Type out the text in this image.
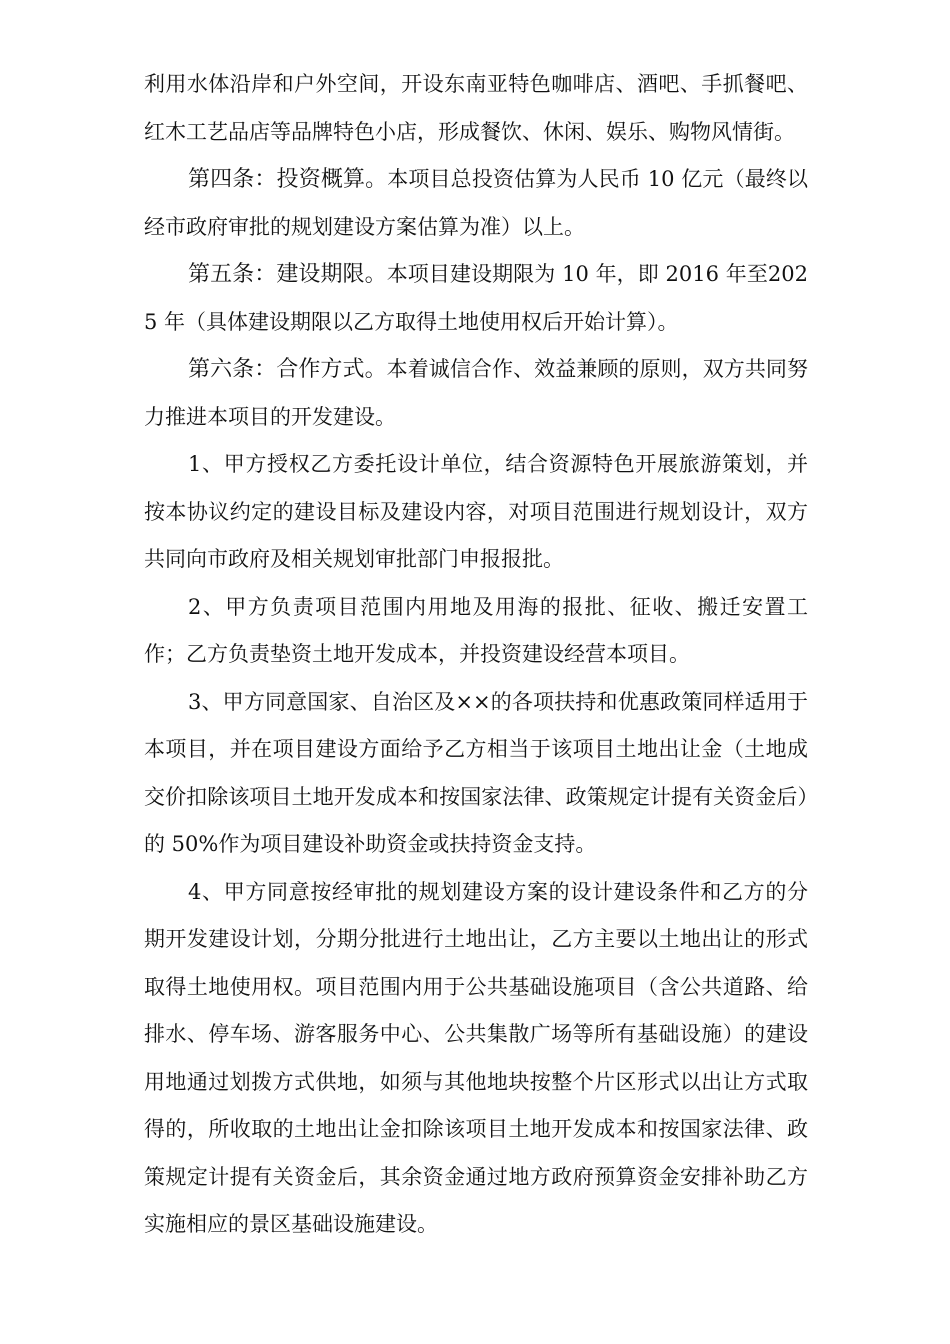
利用水体沿岸和户外空间，开设东南亚特色咖啡店、酒吧、手抓餐吧、红木工艺品店等品牌特色小店，形成餐饮、休闲、娱乐、购物风情街。

第四条：投资概算。本项目总投资估算为人民币 10 亿元（最终以经市政府审批的规划建设方案估算为准）以上。

第五条：建设期限。本项目建设期限为 10 年，即 2016 年至2025 年（具体建设期限以乙方取得土地使用权后开始计算）。

第六条：合作方式。本着诚信合作、效益兼顾的原则，双方共同努力推进本项目的开发建设。

1、甲方授权乙方委托设计单位，结合资源特色开展旅游策划，并按本协议约定的建设目标及建设内容，对项目范围进行规划设计，双方共同向市政府及相关规划审批部门申报报批。

2、甲方负责项目范围内用地及用海的报批、征收、搬迁安置工作；乙方负责垫资土地开发成本，并投资建设经营本项目。

3、甲方同意国家、自治区及××的各项扶持和优惠政策同样适用于本项目，并在项目建设方面给予乙方相当于该项目土地出让金（土地成交价扣除该项目土地开发成本和按国家法律、政策规定计提有关资金后）的 50%作为项目建设补助资金或扶持资金支持。

4、甲方同意按经审批的规划建设方案的设计建设条件和乙方的分期开发建设计划，分期分批进行土地出让，乙方主要以土地出让的形式取得土地使用权。项目范围内用于公共基础设施项目（含公共道路、给排水、停车场、游客服务中心、公共集散广场等所有基础设施）的建设用地通过划拨方式供地，如须与其他地块按整个片区形式以出让方式取得的，所收取的土地出让金扣除该项目土地开发成本和按国家法律、政策规定计提有关资金后，其余资金通过地方政府预算资金安排补助乙方实施相应的景区基础设施建设。
